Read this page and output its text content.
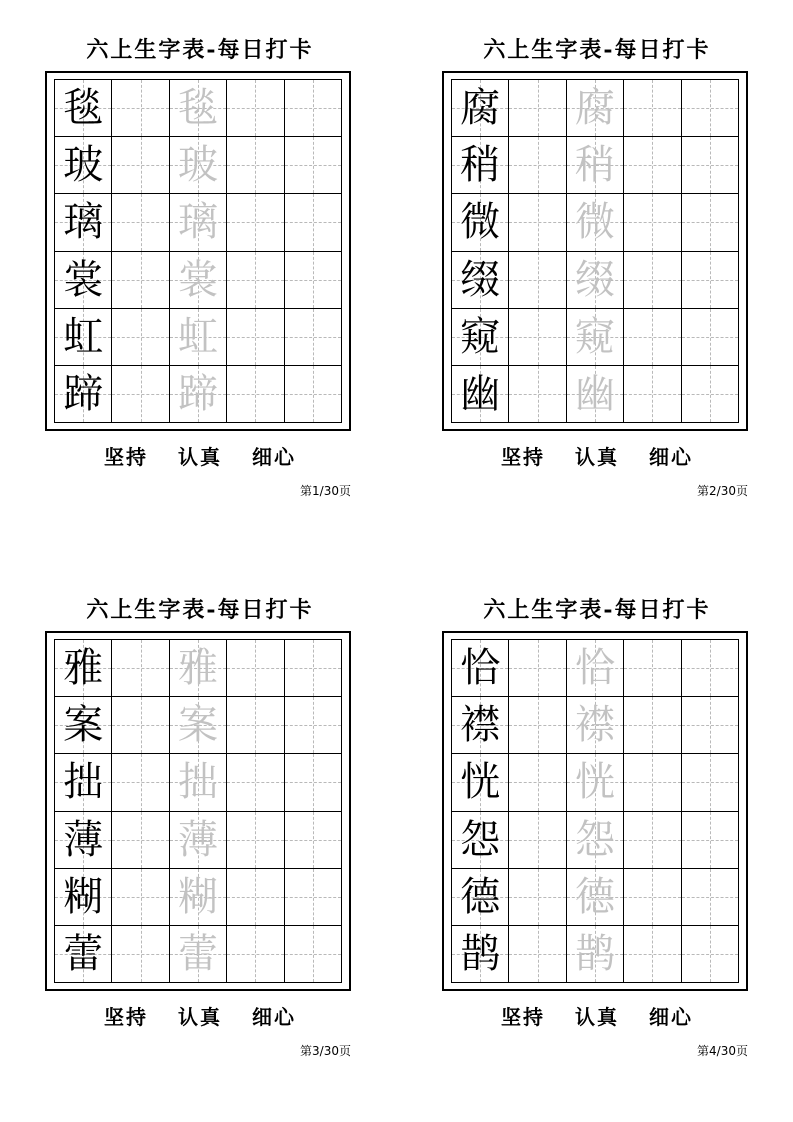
六上生字表-每日打卡
毯 毯
玻 玻
璃 璃
裳 裳
虹 虹
蹄 蹄
坚持 认真 细心
第1/30页
六上生字表-每日打卡
腐 腐
稍 稍
微 微
缀 缀
窥 窥
幽 幽
坚持 认真 细心
第2/30页
六上生字表-每日打卡
雅 雅
案 案
拙 拙
薄 薄
糊 糊
蕾 蕾
坚持 认真 细心
第3/30页
六上生字表-每日打卡
恰 恰
襟 襟
恍 恍
怨 怨
德 德
鹊 鹊
坚持 认真 细心
第4/30页
